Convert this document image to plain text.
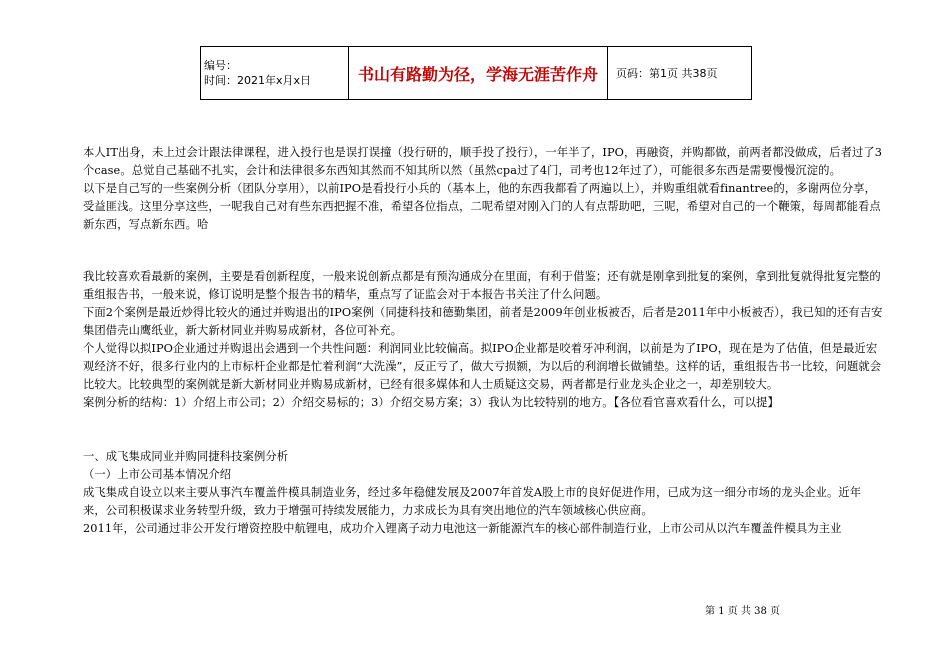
编号：
时间：2021年x月x日	书山有路勤为径，学海无涯苦作舟	页码：第1页 共38页

本人IT出身，未上过会计跟法律课程，进入投行也是误打误撞（投行研的，顺手投了投行），一年半了，IPO，再融资，并购都做，前两者都没做成，后者过了3个case。总觉自己基础不扎实，会计和法律很多东西知其然而不知其所以然（虽然cpa过了4门，司考也12年过了），可能很多东西是需要慢慢沉淀的。

以下是自己写的一些案例分析（团队分享用），以前IPO是看投行小兵的（基本上，他的东西我都看了两遍以上），并购重组就看finantree的，多谢两位分享，受益匪浅。这里分享这些，一呢我自己对有些东西把握不准，希望各位指点，二呢希望对刚入门的人有点帮助吧，三呢，希望对自己的一个鞭策，每周都能看点新东西，写点新东西。哈

我比较喜欢看最新的案例，主要是看创新程度，一般来说创新点都是有预沟通成分在里面，有利于借鉴；还有就是刚拿到批复的案例，拿到批复就得批复完整的重组报告书，一般来说，修订说明是整个报告书的精华，重点写了证监会对于本报告书关注了什么问题。

下面2个案例是最近炒得比较火的通过并购退出的IPO案例（同捷科技和德勤集团，前者是2009年创业板被否，后者是2011年中小板被否），我已知的还有吉安集团借壳山鹰纸业，新大新材同业并购易成新材，各位可补充。

个人觉得以拟IPO企业通过并购退出会遇到一个共性问题：利润同业比较偏高。拟IPO企业都是咬着牙冲利润，以前是为了IPO，现在是为了估值，但是最近宏观经济不好，很多行业内的上市标杆企业都是忙着利润“大洗澡”，反正亏了，做大亏损额，为以后的利润增长做铺垫。这样的话，重组报告书一比较，问题就会比较大。比较典型的案例就是新大新材同业并购易成新材，已经有很多媒体和人士质疑这交易，两者都是行业龙头企业之一，却差别较大。

案例分析的结构：1）介绍上市公司；2）介绍交易标的；3）介绍交易方案；3）我认为比较特别的地方。【各位看官喜欢看什么，可以提】

一、成飞集成同业并购同捷科技案例分析

（一）上市公司基本情况介绍

成飞集成自设立以来主要从事汽车覆盖件模具制造业务，经过多年稳健发展及2007年首发A股上市的良好促进作用，已成为这一细分市场的龙头企业。近年来，公司积极谋求业务转型升级，致力于增强可持续发展能力，力求成长为具有突出地位的汽车领域核心供应商。

2011年，公司通过非公开发行增资控股中航锂电，成功介入锂离子动力电池这一新能源汽车的核心部件制造行业，上市公司从以汽车覆盖件模具为主业

第 1 页 共 38 页
